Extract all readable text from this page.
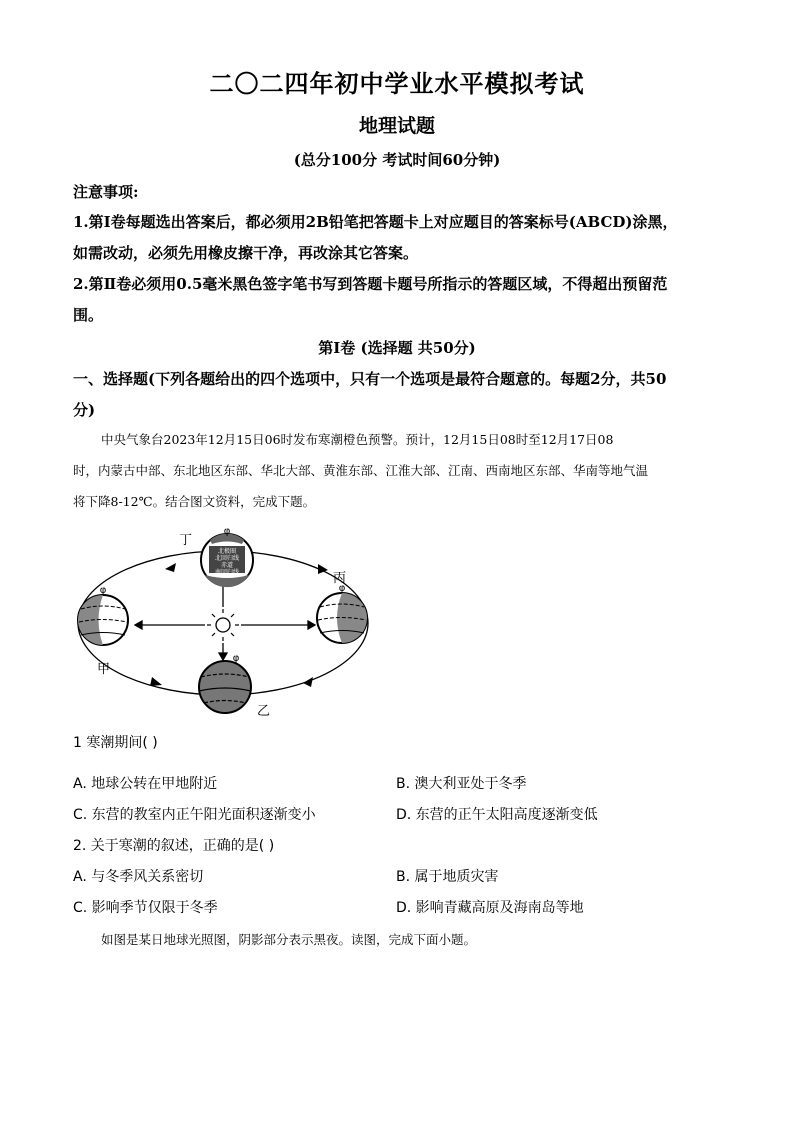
二〇二四年初中学业水平模拟考试
地理试题
(总分100分 考试时间60分钟)
注意事项:
1.第Ⅰ卷每题选出答案后，都必须用2B铅笔把答题卡上对应题目的答案标号(ABCD)涂黑，
如需改动，必须先用橡皮擦干净，再改涂其它答案。
2.第Ⅱ卷必须用0.5毫米黑色签字笔书写到答题卡题号所指示的答题区域，不得超出预留范
围。
第Ⅰ卷 (选择题 共50分)
一、选择题(下列各题给出的四个选项中，只有一个选项是最符合题意的。每题2分，共50
分)
中央气象台2023年12月15日06时发布寒潮橙色预警。预计，12月15日08时至12月17日08
时，内蒙古中部、东北地区东部、华北大部、黄淮东部、江淮大部、江南、西南地区东部、华南等地气温
将下降8-12℃。结合图文资料，完成下题。
北极圈
北回归线
赤道
南回归线
φ
φ
φ
φ
丁
丙
甲
乙
1 寒潮期间( )
A. 地球公转在甲地附近	B. 澳大利亚处于冬季
C. 东营的教室内正午阳光面积逐渐变小	D. 东营的正午太阳高度逐渐变低
2. 关于寒潮的叙述，正确的是( )
A. 与冬季风关系密切	B. 属于地质灾害
C. 影响季节仅限于冬季	D. 影响青藏高原及海南岛等地
如图是某日地球光照图，阴影部分表示黑夜。读图，完成下面小题。
